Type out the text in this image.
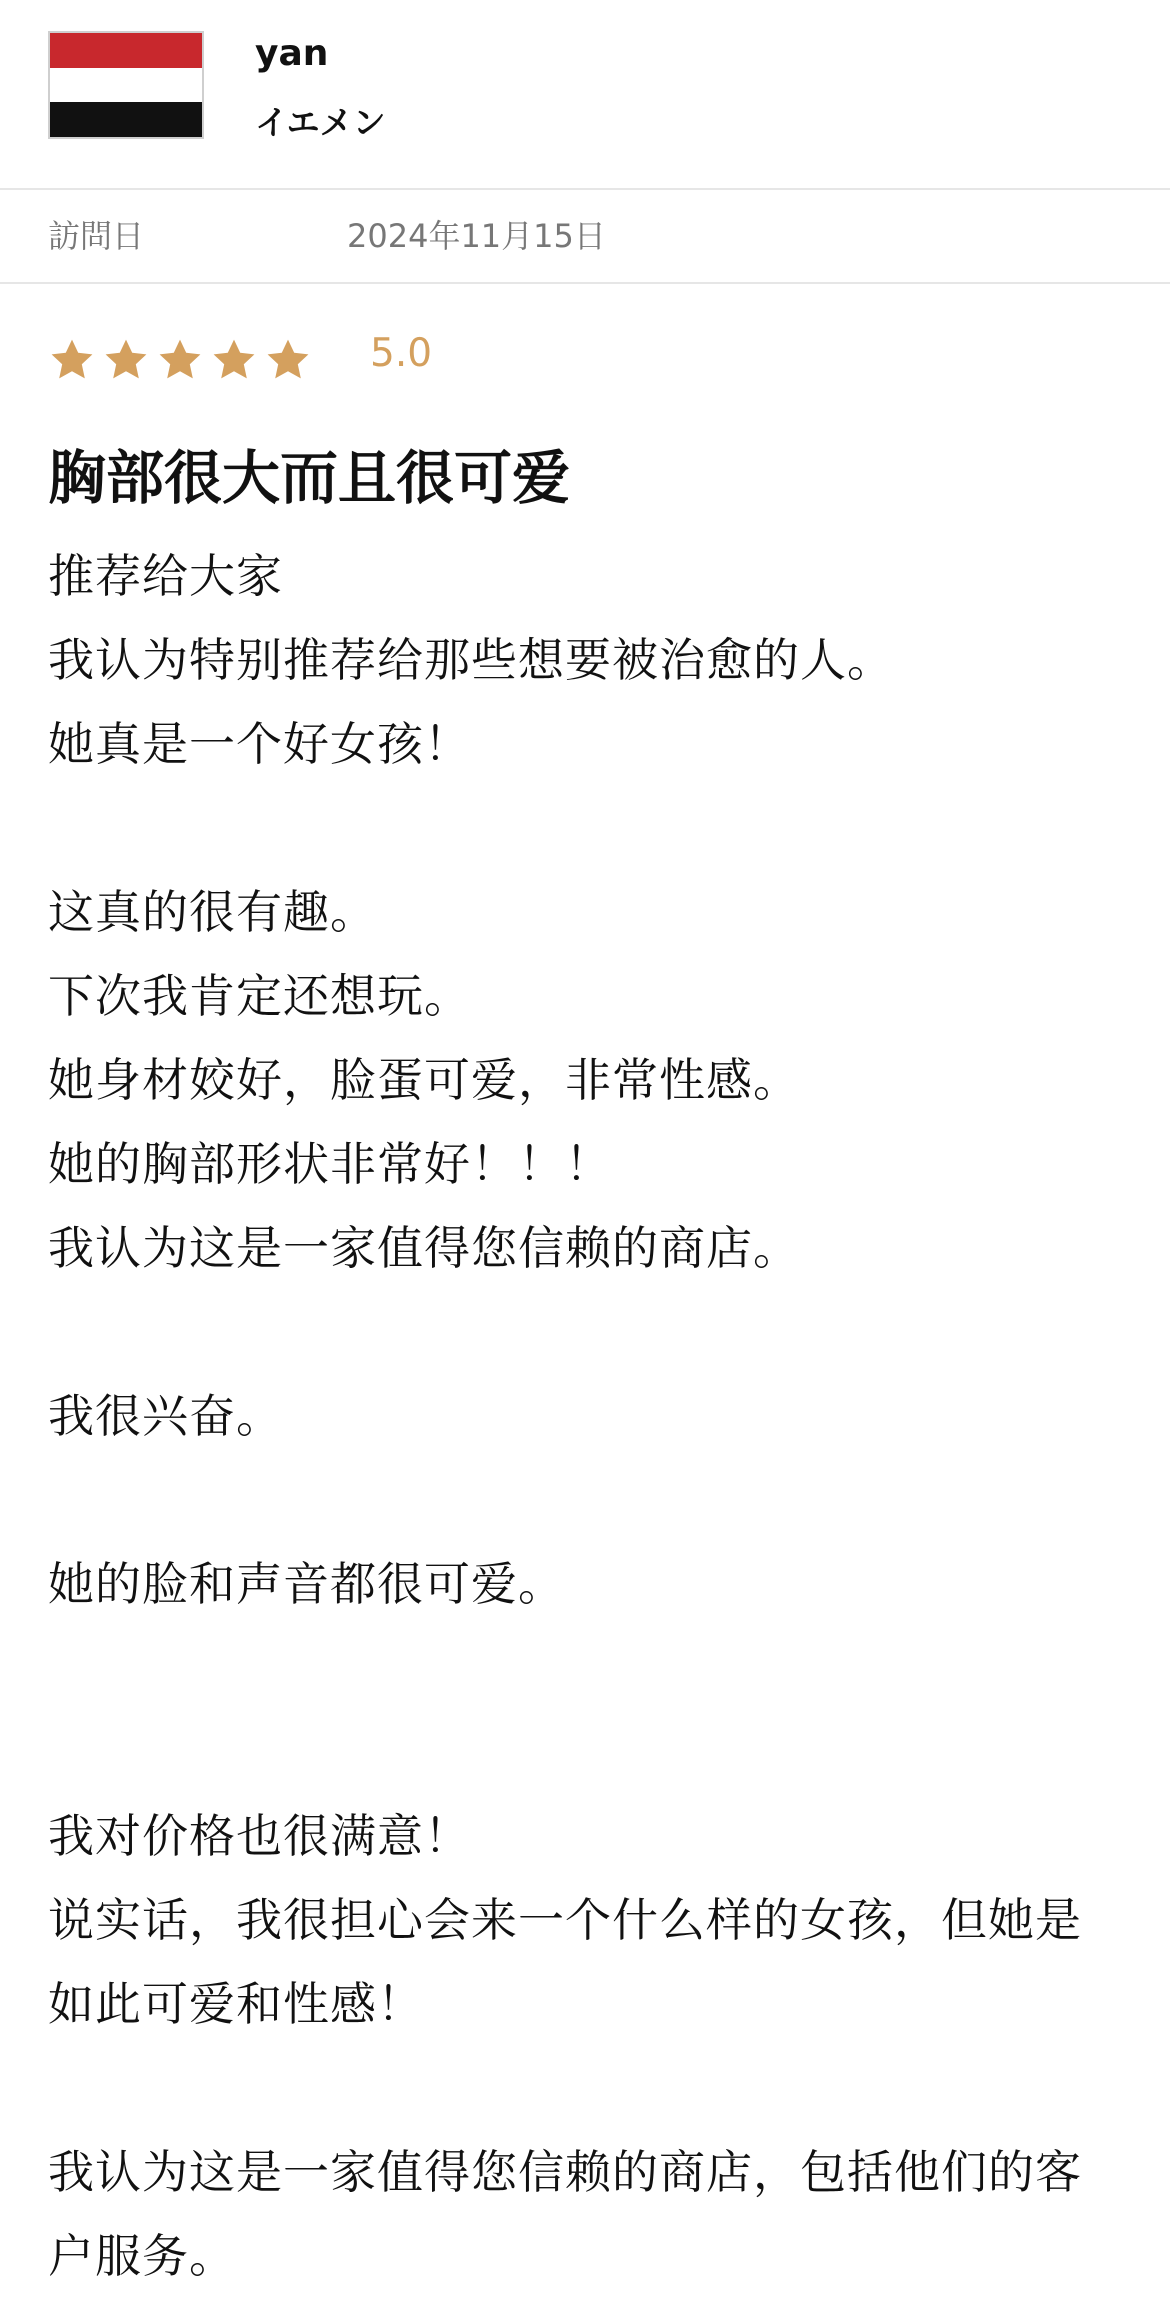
yan
イエメン
訪問日	2024年11月15日
5.0
胸部很大而且很可爱
推荐给大家
我认为特别推荐给那些想要被治愈的人。
她真是一个好女孩！
这真的很有趣。
下次我肯定还想玩。
她身材姣好，脸蛋可爱，非常性感。
她的胸部形状非常好！！！
我认为这是一家值得您信赖的商店。
我很兴奋。
她的脸和声音都很可爱。
我对价格也很满意！
说实话，我很担心会来一个什么样的女孩，但她是
如此可爱和性感！
我认为这是一家值得您信赖的商店，包括他们的客
户服务。
